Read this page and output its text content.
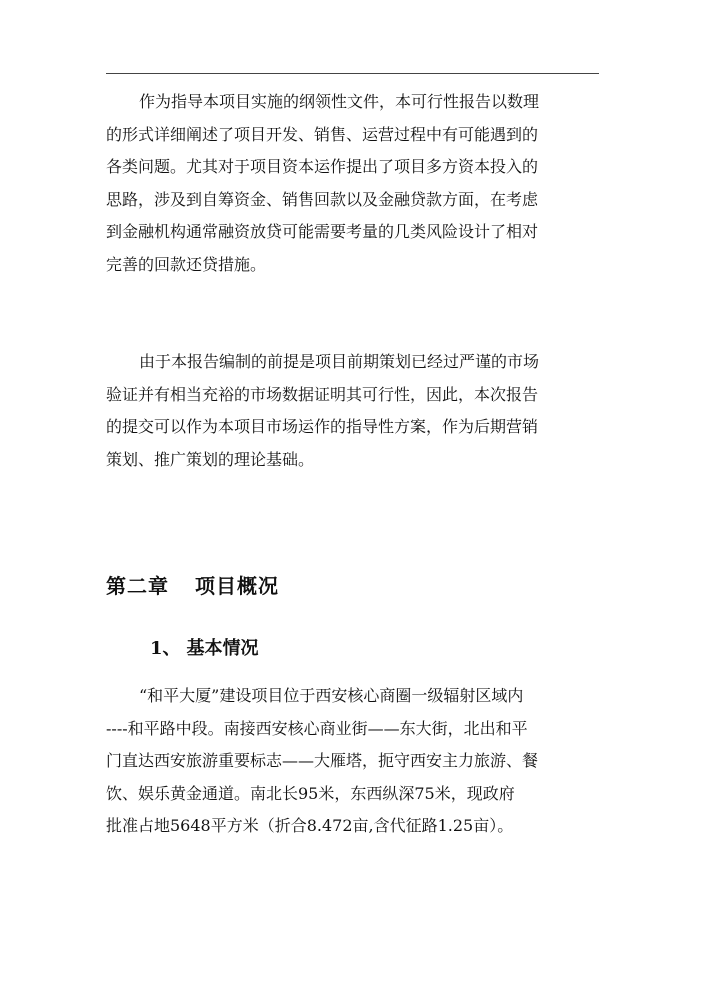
作为指导本项目实施的纲领性文件，本可行性报告以数理

的形式详细阐述了项目开发、销售、运营过程中有可能遇到的

各类问题。尤其对于项目资本运作提出了项目多方资本投入的

思路，涉及到自筹资金、销售回款以及金融贷款方面，在考虑

到金融机构通常融资放贷可能需要考量的几类风险设计了相对

完善的回款还贷措施。

由于本报告编制的前提是项目前期策划已经过严谨的市场

验证并有相当充裕的市场数据证明其可行性，因此，本次报告

的提交可以作为本项目市场运作的指导性方案，作为后期营销

策划、推广策划的理论基础。

第二章 项目概况
1、 基本情况

“和平大厦”建设项目位于西安核心商圈一级辐射区域内

----和平路中段。南接西安核心商业街——东大街，北出和平

门直达西安旅游重要标志——大雁塔，扼守西安主力旅游、餐

饮、娱乐黄金通道。南北长95米，东西纵深75米，现政府

批准占地5648平方米（折合8.472亩,含代征路1.25亩）。
